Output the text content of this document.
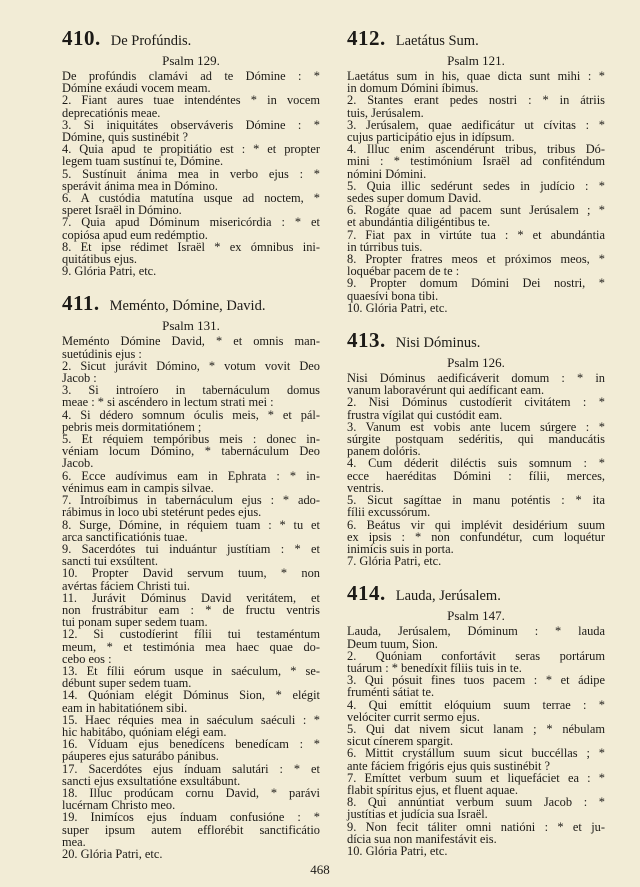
410. De Profúndis.
Psalm 129.
De profúndis clamávi ad te Dómine : *
Dómine exáudi vocem meam.
2. Fiant aures tuae intendéntes * in vocem
deprecatiónis meae.
3. Si iniquitátes observáveris Dómine : *
Dómine, quis sustinébit ?
4. Quia apud te propitiátio est : * et propter
legem tuam sustínui te, Dómine.
5. Sustínuit ánima mea in verbo ejus : *
sperávit ánima mea in Dómino.
6. A custódia matutína usque ad noctem, *
speret Israël in Dómino.
7. Quia apud Dóminum misericórdia : * et
copiósa apud eum redémptio.
8. Et ipse rédimet Israël * ex ómnibus ini-
quitátibus ejus.
9. Glória Patri, etc.
411. Meménto, Dómine, David.
Psalm 131.
Meménto Dómine David, * et omnis man-
suetúdinis ejus :
2. Sicut jurávit Dómino, * votum vovit Deo
Jacob :
3. Si introíero in tabernáculum domus
meae : * si ascéndero in lectum strati mei :
4. Si dédero somnum óculis meis, * et pál-
pebris meis dormitatiónem ;
5. Et réquiem tempóribus meis : donec in-
véniam locum Dómino, * tabernáculum Deo
Jacob.
6. Ecce audívimus eam in Ephrata : * in-
vénimus eam in campis silvae.
7. Introíbimus in tabernáculum ejus : * ado-
rábimus in loco ubi stetérunt pedes ejus.
8. Surge, Dómine, in réquiem tuam : * tu et
arca sanctificatiónis tuae.
9. Sacerdótes tui induántur justítiam : * et
sancti tui exsúltent.
10. Propter David servum tuum, * non
avértas fáciem Christi tui.
11. Jurávit Dóminus David veritátem, et
non frustrábitur eam : * de fructu ventris
tui ponam super sedem tuam.
12. Si custodíerint fílii tui testaméntum
meum, * et testimónia mea haec quae do-
cebo eos :
13. Et fílii eórum usque in saéculum, * se-
débunt super sedem tuam.
14. Quóniam elégit Dóminus Sion, * elégit
eam in habitatiónem sibi.
15. Haec réquies mea in saéculum saéculi : *
hic habitábo, quóniam elégi eam.
16. Víduam ejus benedícens benedícam : *
páuperes ejus saturábo pánibus.
17. Sacerdótes ejus índuam salutári : * et
sancti ejus exsultatióne exsultábunt.
18. Illuc prodúcam cornu David, * parávi
lucérnam Christo meo.
19. Inimícos ejus índuam confusióne : *
super ipsum autem efflorébit sanctificátio
mea.
20. Glória Patri, etc.
412. Laetátus Sum.
Psalm 121.
Laetátus sum in his, quae dicta sunt mihi : *
in domum Dómini íbimus.
2. Stantes erant pedes nostri : * in átriis
tuis, Jerúsalem.
3. Jerúsalem, quae aedificátur ut cívitas : *
cujus participátio ejus in idípsum.
4. Illuc enim ascendérunt tribus, tribus Dó-
mini : * testimónium Israël ad confiténdum
nómini Dómini.
5. Quia illic sedérunt sedes in judício : *
sedes super domum David.
6. Rogáte quae ad pacem sunt Jerúsalem ; *
et abundántia diligéntibus te.
7. Fiat pax in virtúte tua : * et abundántia
in túrribus tuis.
8. Propter fratres meos et próximos meos, *
loquébar pacem de te :
9. Propter domum Dómini Dei nostri, *
quaesívi bona tibi.
10. Glória Patri, etc.
413. Nisi Dóminus.
Psalm 126.
Nisi Dóminus aedificáverit domum : * in
vanum laboravérunt qui aedíficant eam.
2. Nisi Dóminus custodíerit civitátem : *
frustra vígilat qui custódit eam.
3. Vanum est vobis ante lucem súrgere : *
súrgite postquam sedéritis, qui manducátis
panem dolóris.
4. Cum déderit diléctis suis somnum : *
ecce haeréditas Dómini : fílii, merces,
ventris.
5. Sicut sagíttae in manu poténtis : * ita
fílii excussórum.
6. Beátus vir qui implévit desidérium suum
ex ipsis : * non confundétur, cum loquétur
inimícis suis in porta.
7. Glória Patri, etc.
414. Lauda, Jerúsalem.
Psalm 147.
Lauda, Jerúsalem, Dóminum : * lauda
Deum tuum, Sion.
2. Quóniam confortávit seras portárum
tuárum : * benedíxit fíliis tuis in te.
3. Qui pósuit fines tuos pacem : * et ádipe
fruménti sátiat te.
4. Qui emíttit elóquium suum terrae : *
velóciter currit sermo ejus.
5. Qui dat nivem sicut lanam ; * nébulam
sicut cínerem spargit.
6. Mittit crystállum suum sicut buccéllas ; *
ante fáciem frigóris ejus quis sustinébit ?
7. Emíttet verbum suum et liquefáciet ea : *
flabit spíritus ejus, et fluent aquae.
8. Qui annúntiat verbum suum Jacob : *
justítias et judícia sua Israël.
9. Non fecit táliter omni natióni : * et ju-
dícia sua non manifestávit eis.
10. Glória Patri, etc.
468
